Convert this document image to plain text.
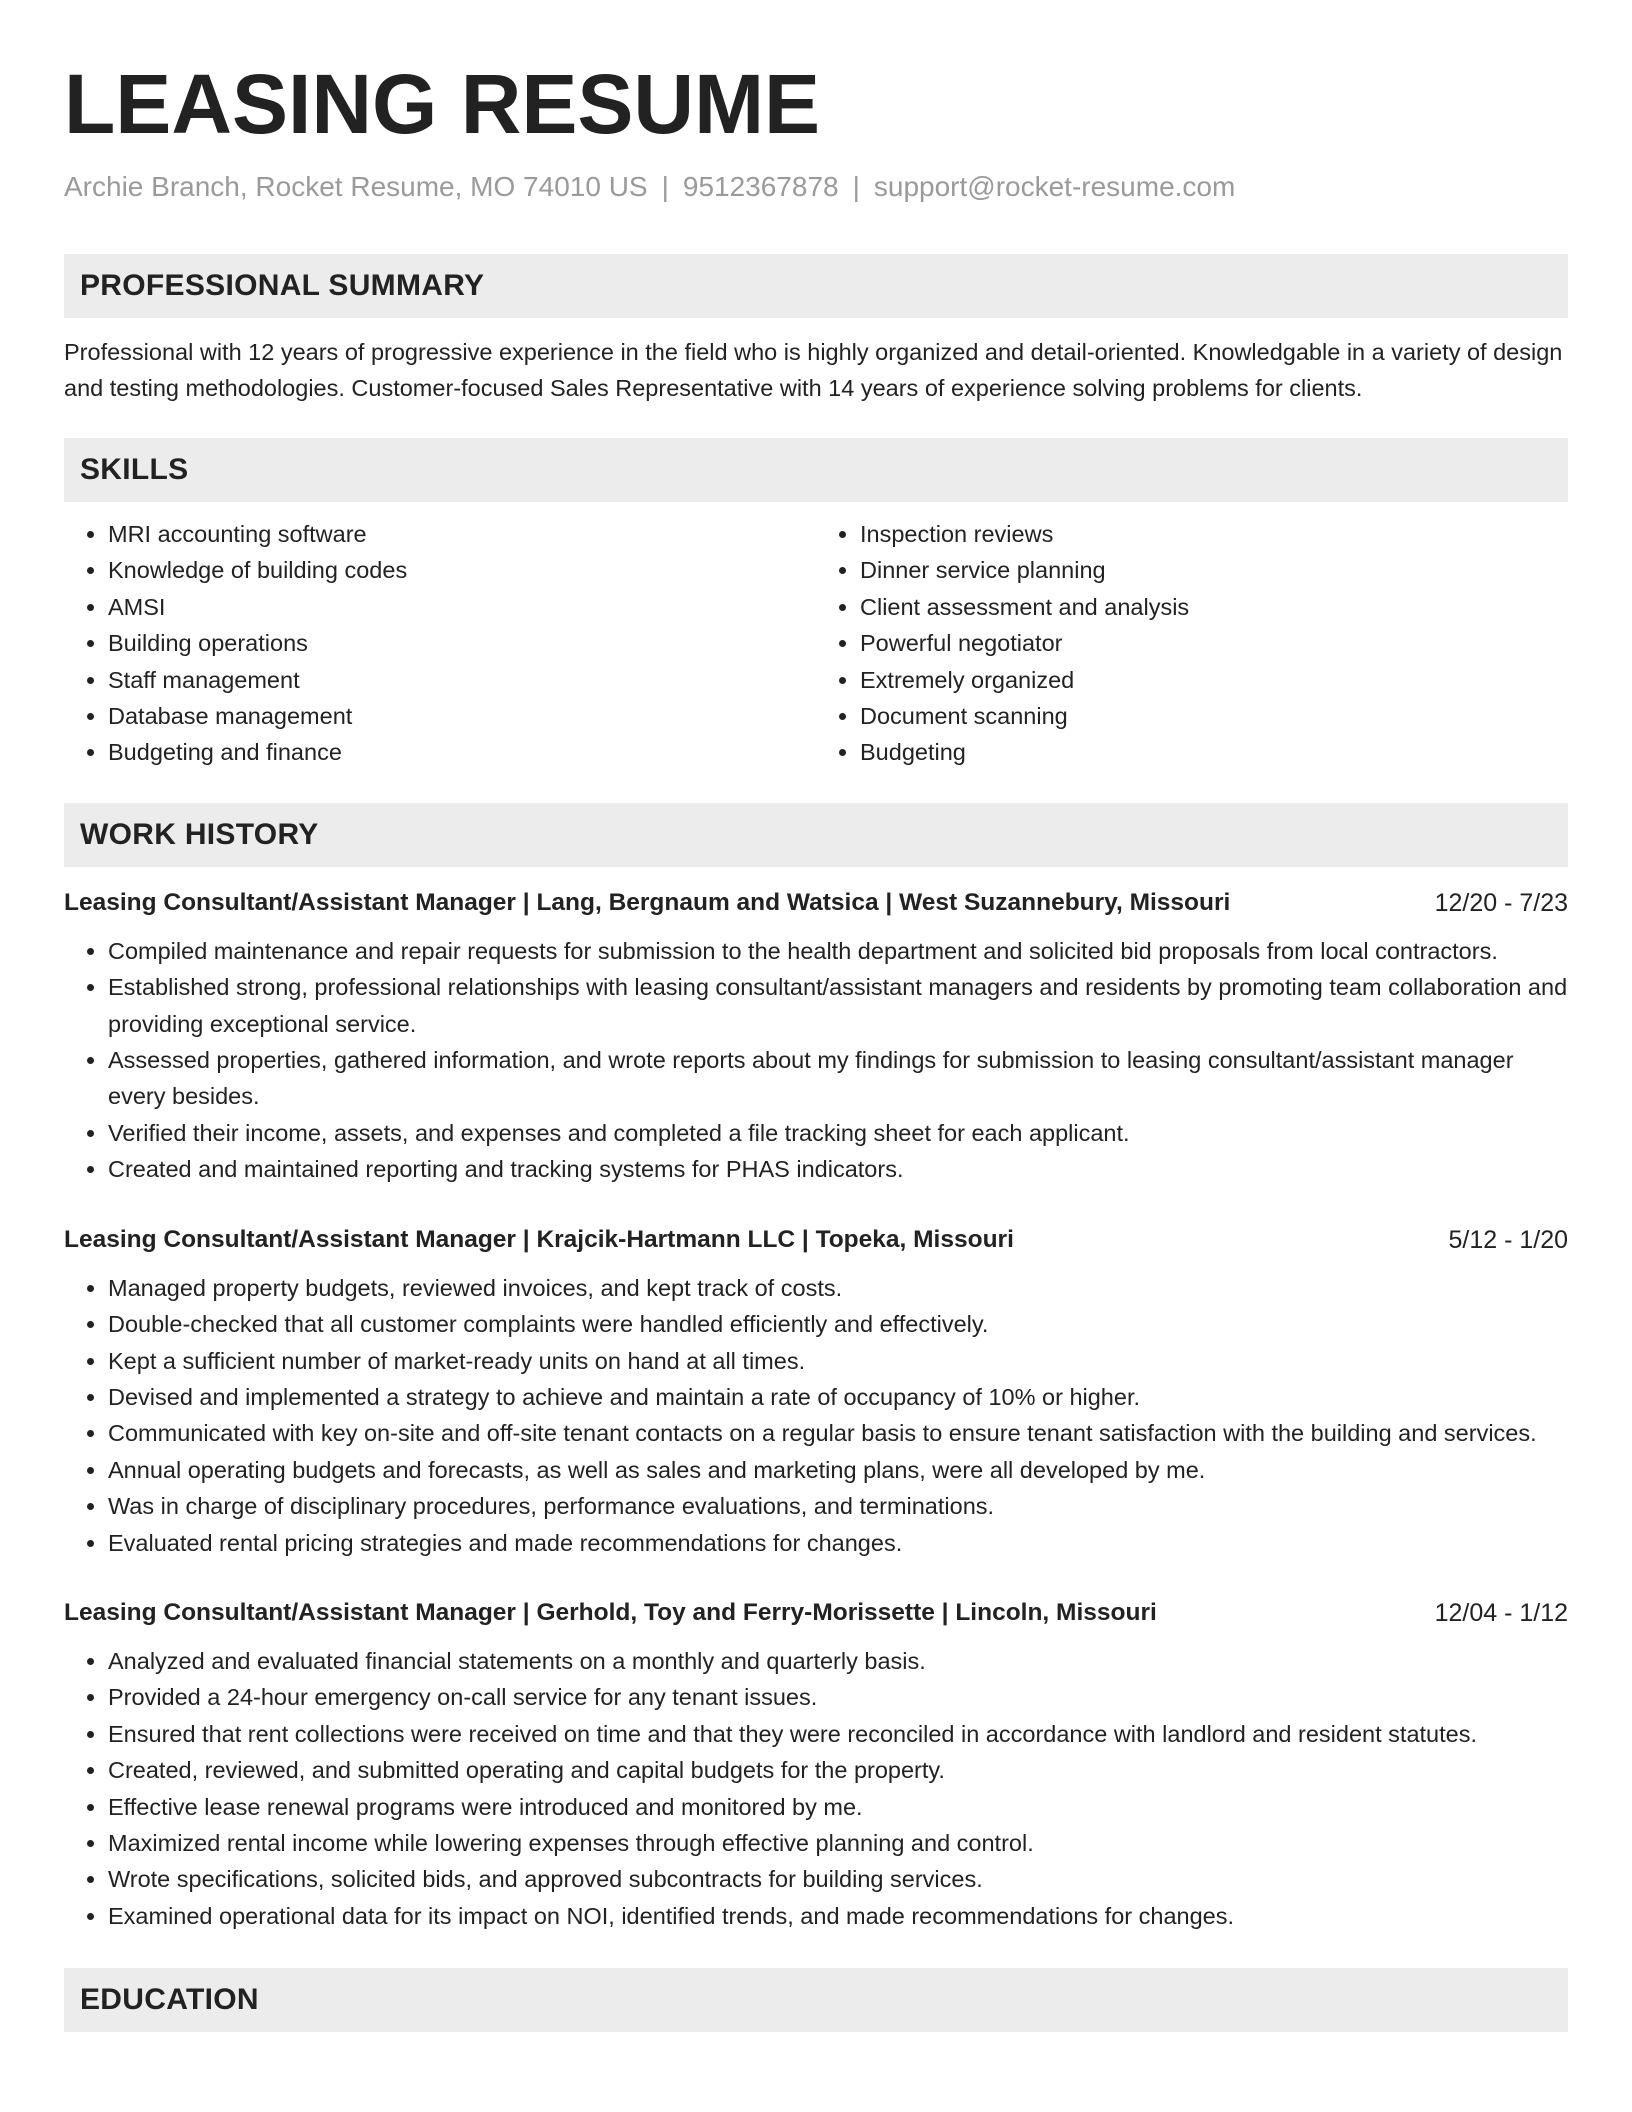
LEASING RESUME
Archie Branch, Rocket Resume, MO 74010 US | 9512367878 | support@rocket-resume.com
PROFESSIONAL SUMMARY
Professional with 12 years of progressive experience in the field who is highly organized and detail-oriented. Knowledgable in a variety of design and testing methodologies. Customer-focused Sales Representative with 14 years of experience solving problems for clients.
SKILLS
• MRI accounting software
• Knowledge of building codes
• AMSI
• Building operations
• Staff management
• Database management
• Budgeting and finance
• Inspection reviews
• Dinner service planning
• Client assessment and analysis
• Powerful negotiator
• Extremely organized
• Document scanning
• Budgeting
WORK HISTORY
Leasing Consultant/Assistant Manager | Lang, Bergnaum and Watsica | West Suzannebury, Missouri	12/20 - 7/23
• Compiled maintenance and repair requests for submission to the health department and solicited bid proposals from local contractors.
• Established strong, professional relationships with leasing consultant/assistant managers and residents by promoting team collaboration and providing exceptional service.
• Assessed properties, gathered information, and wrote reports about my findings for submission to leasing consultant/assistant manager every besides.
• Verified their income, assets, and expenses and completed a file tracking sheet for each applicant.
• Created and maintained reporting and tracking systems for PHAS indicators.
Leasing Consultant/Assistant Manager | Krajcik-Hartmann LLC | Topeka, Missouri	5/12 - 1/20
• Managed property budgets, reviewed invoices, and kept track of costs.
• Double-checked that all customer complaints were handled efficiently and effectively.
• Kept a sufficient number of market-ready units on hand at all times.
• Devised and implemented a strategy to achieve and maintain a rate of occupancy of 10% or higher.
• Communicated with key on-site and off-site tenant contacts on a regular basis to ensure tenant satisfaction with the building and services.
• Annual operating budgets and forecasts, as well as sales and marketing plans, were all developed by me.
• Was in charge of disciplinary procedures, performance evaluations, and terminations.
• Evaluated rental pricing strategies and made recommendations for changes.
Leasing Consultant/Assistant Manager | Gerhold, Toy and Ferry-Morissette | Lincoln, Missouri	12/04 - 1/12
• Analyzed and evaluated financial statements on a monthly and quarterly basis.
• Provided a 24-hour emergency on-call service for any tenant issues.
• Ensured that rent collections were received on time and that they were reconciled in accordance with landlord and resident statutes.
• Created, reviewed, and submitted operating and capital budgets for the property.
• Effective lease renewal programs were introduced and monitored by me.
• Maximized rental income while lowering expenses through effective planning and control.
• Wrote specifications, solicited bids, and approved subcontracts for building services.
• Examined operational data for its impact on NOI, identified trends, and made recommendations for changes.
EDUCATION
